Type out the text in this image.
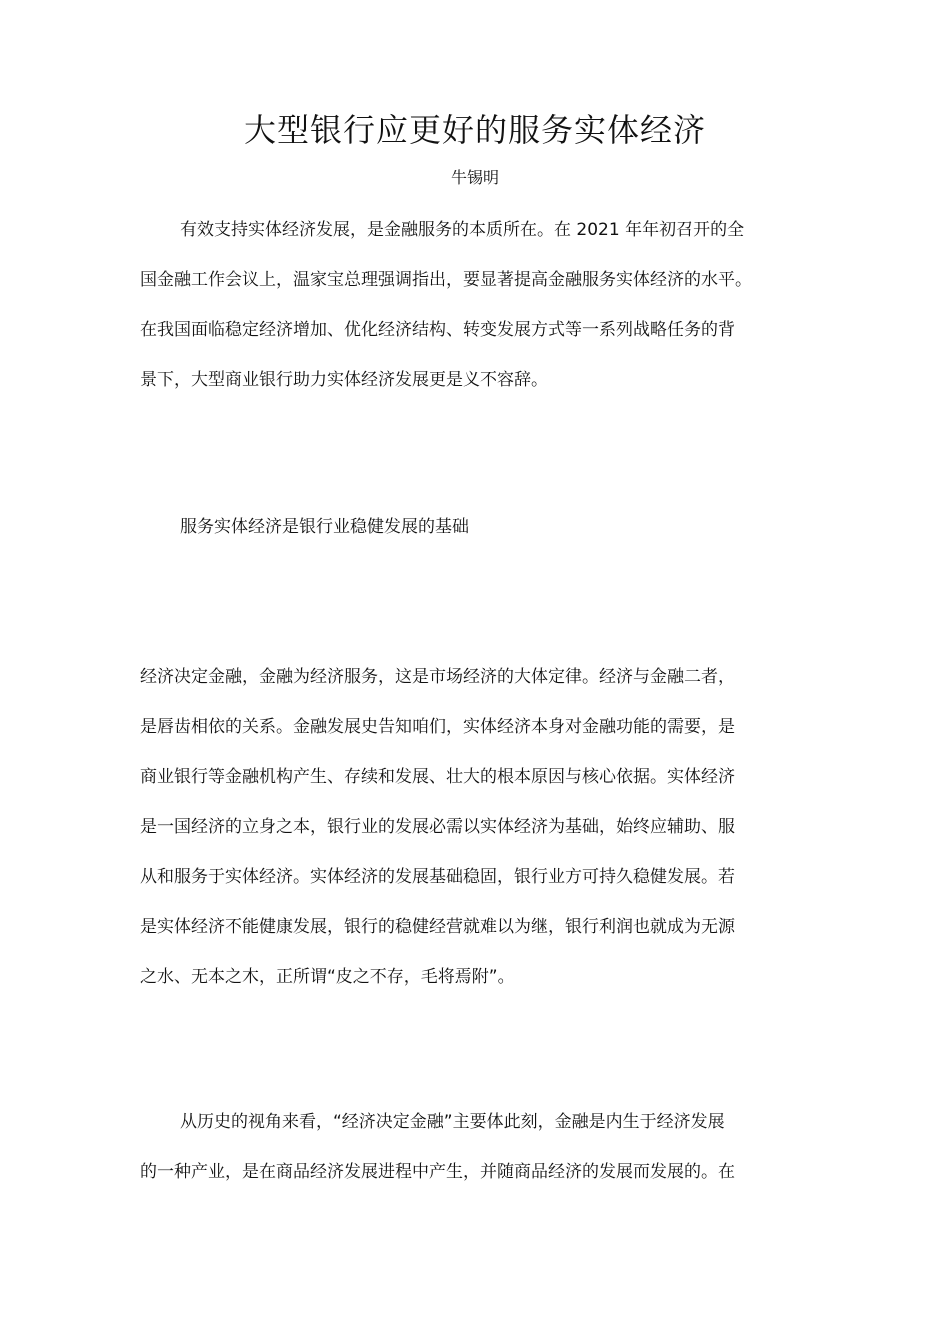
大型银行应更好的服务实体经济

牛锡明

有效支持实体经济发展，是金融服务的本质所在。在 2021 年年初召开的全
国金融工作会议上，温家宝总理强调指出，要显著提高金融服务实体经济的水平。
在我国面临稳定经济增加、优化经济结构、转变发展方式等一系列战略任务的背
景下，大型商业银行助力实体经济发展更是义不容辞。
服务实体经济是银行业稳健发展的基础
经济决定金融，金融为经济服务，这是市场经济的大体定律。经济与金融二者，
是唇齿相依的关系。金融发展史告知咱们，实体经济本身对金融功能的需要，是
商业银行等金融机构产生、存续和发展、壮大的根本原因与核心依据。实体经济
是一国经济的立身之本，银行业的发展必需以实体经济为基础，始终应辅助、服
从和服务于实体经济。实体经济的发展基础稳固，银行业方可持久稳健发展。若
是实体经济不能健康发展，银行的稳健经营就难以为继，银行利润也就成为无源
之水、无本之木，正所谓“皮之不存，毛将焉附”。
从历史的视角来看，“经济决定金融”主要体此刻，金融是内生于经济发展
的一种产业，是在商品经济发展进程中产生，并随商品经济的发展而发展的。在
